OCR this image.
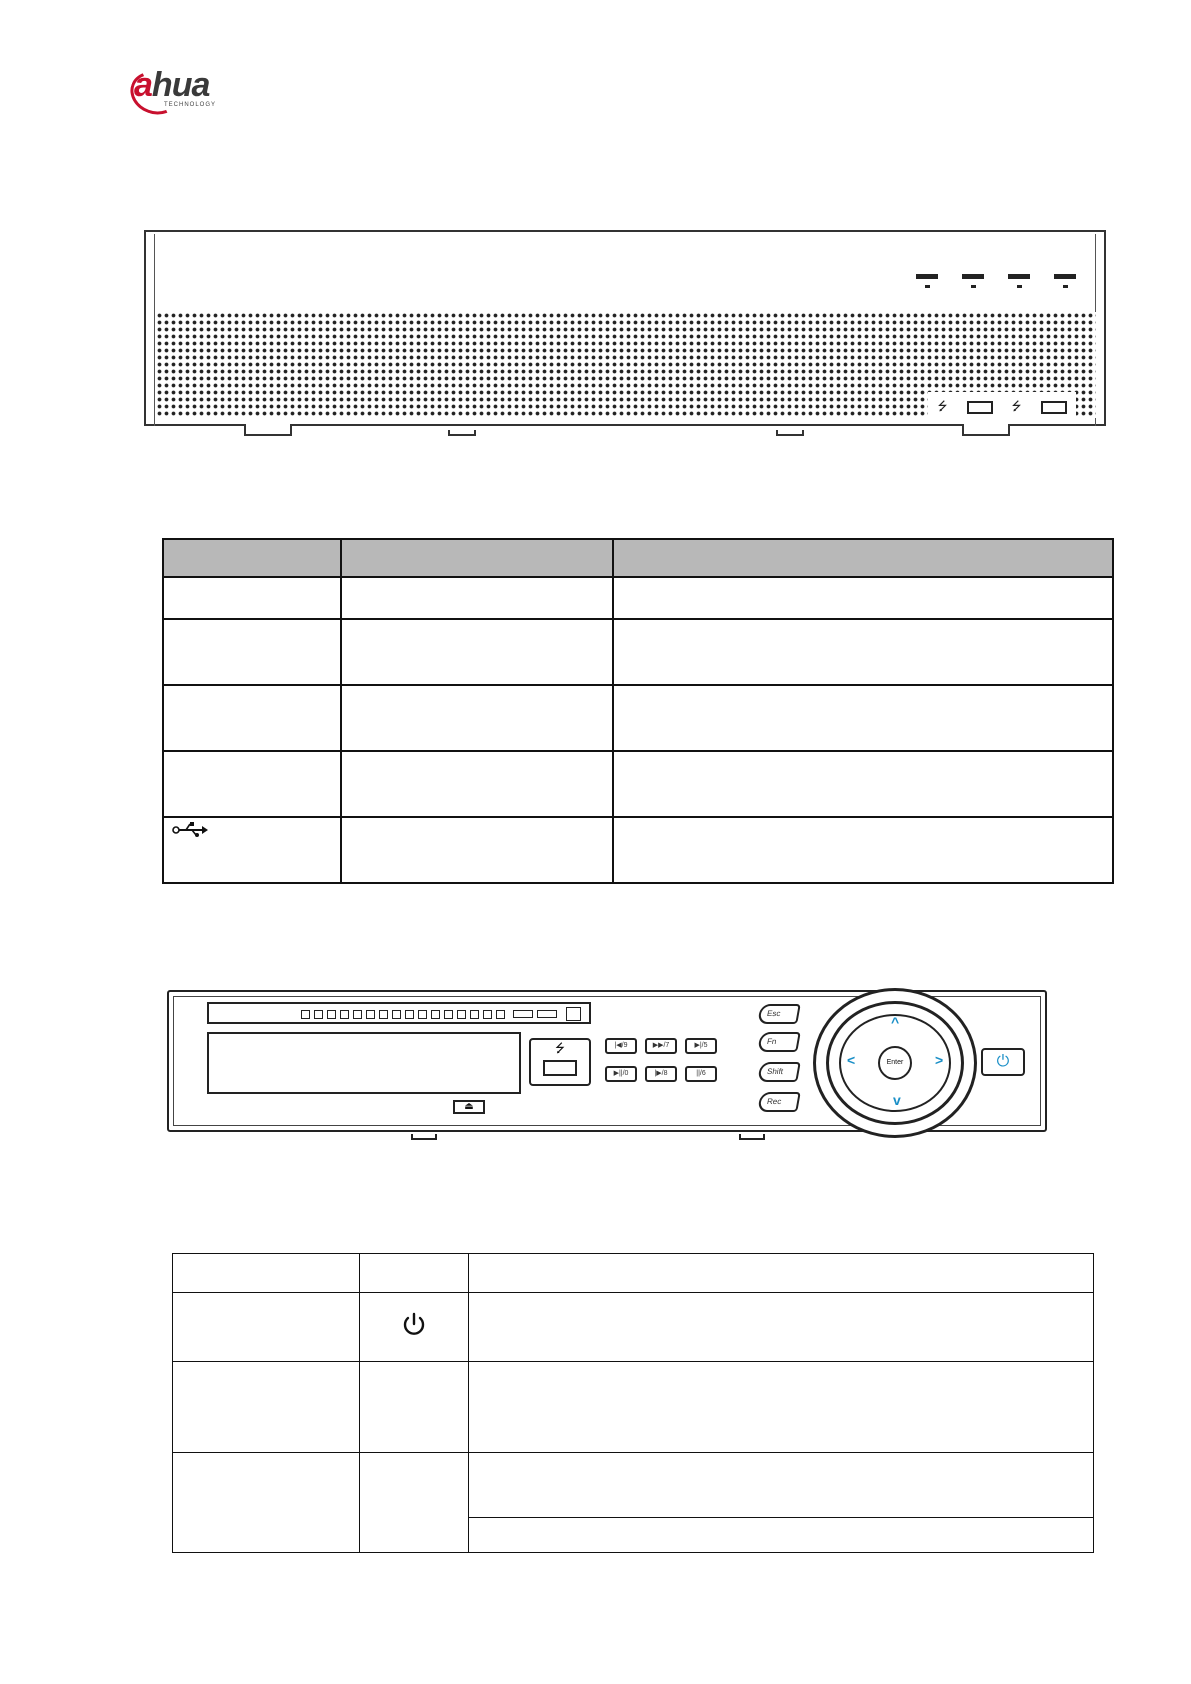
ahua
TECHNOLOGY
⭍	⭍

⏏
⭍	|◀/9	▶▶/7	▶|/5
▶||/0	|▶/8	||/6
Esc
Fn
Shift
Rec
^
v
<	>
Enter	⏻
